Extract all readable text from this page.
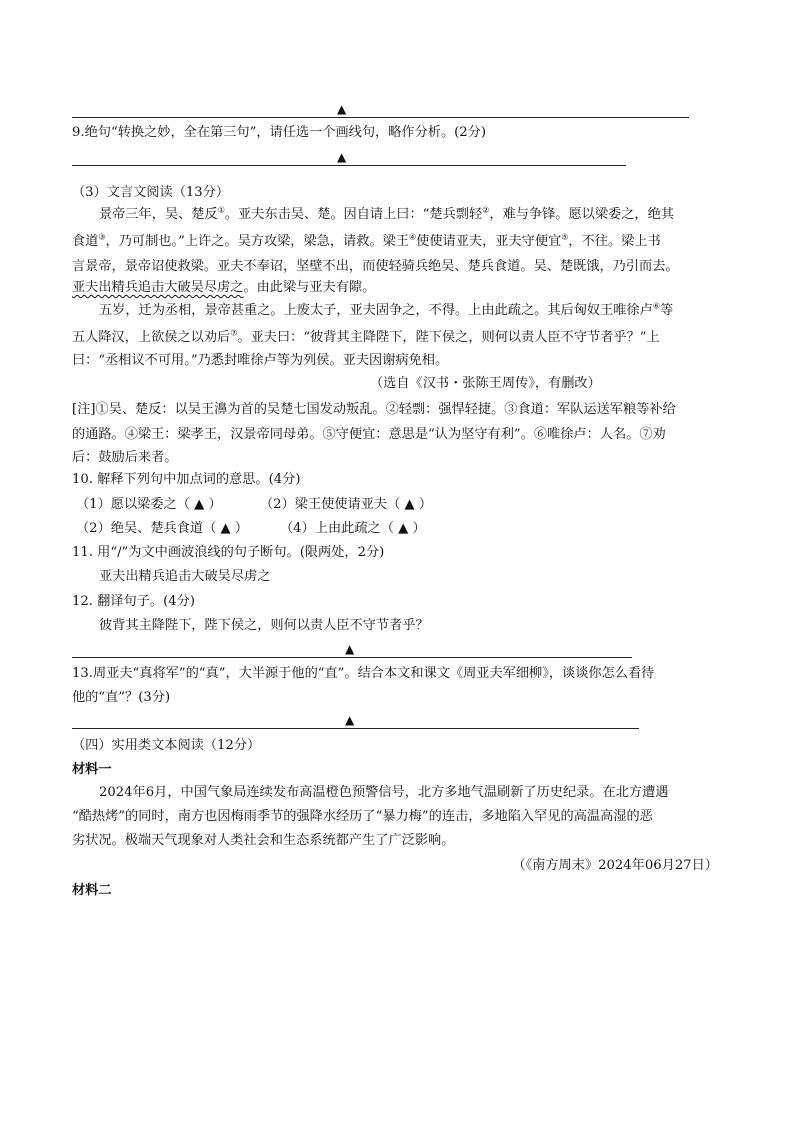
▲
9.绝句“转换之妙，全在第三句”，请任选一个画线句，略作分析。(2分)
▲
（3）文言文阅读（13分）
景帝三年，吴、楚反①。亚夫东击吴、楚。因自请上曰：“楚兵剽轻②，难与争锋。愿以梁委之，绝其
食道③，乃可制也。”上许之。吴方攻梁，梁急，请救。梁王④使使请亚夫，亚夫守便宜⑤，不往。梁上书
言景帝，景帝诏使救梁。亚夫不奉诏，坚壁不出，而使轻骑兵绝吴、楚兵食道。吴、楚既饿，乃引而去。
亚夫出精兵追击大破吴尽虏之。由此梁与亚夫有隙。
五岁，迁为丞相，景帝甚重之。上废太子，亚夫固争之，不得。上由此疏之。其后匈奴王唯徐卢⑥等
五人降汉，上欲侯之以劝后⑦。亚夫曰：“彼背其主降陛下，陛下侯之，则何以责人臣不守节者乎？”上
曰：“丞相议不可用。”乃悉封唯徐卢等为列侯。亚夫因谢病免相。
（选自《汉书・张陈王周传》，有删改）
[注]①吴、楚反：以吴王濞为首的吴楚七国发动叛乱。②轻剽：强悍轻捷。③食道：军队运送军粮等补给
的通路。④梁王：梁孝王，汉景帝同母弟。⑤守便宜：意思是“认为坚守有利”。⑥唯徐卢：人名。⑦劝
后：鼓励后来者。
10. 解释下列句中加点词的意思。(4分)
（1）愿以梁委之（ ▲ ）	（2）梁王使使请亚夫（ ▲ ）
（2）绝吴、楚兵食道（ ▲ ） （4）上由此疏之（ ▲ ）
11. 用“/”为文中画波浪线的句子断句。(限两处，2分)
亚夫出精兵追击大破吴尽虏之
12. 翻译句子。(4分)
彼背其主降陛下，陛下侯之，则何以责人臣不守节者乎？
▲
13.周亚夫“真将军”的“真”，大半源于他的“直”。结合本文和课文《周亚夫军细柳》，谈谈你怎么看待
他的“直”？(3分)
▲
（四）实用类文本阅读（12分）
材料一
2024年6月，中国气象局连续发布高温橙色预警信号，北方多地气温刷新了历史纪录。在北方遭遇
“酷热烤”的同时，南方也因梅雨季节的强降水经历了“暴力梅”的连击，多地陷入罕见的高温高湿的恶
劣状况。极端天气现象对人类社会和生态系统都产生了广泛影响。
（《南方周末》2024年06月27日）
材料二
